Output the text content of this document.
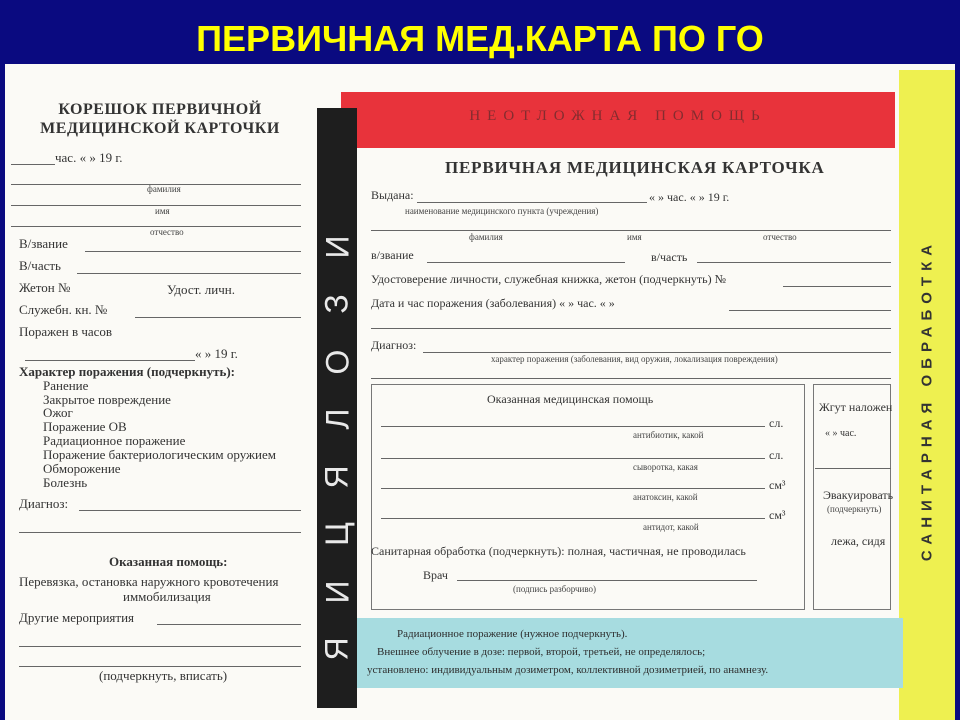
ПЕРВИЧНАЯ МЕД.КАРТА ПО ГО
КОРЕШОК ПЕРВИЧНОЙ
МЕДИЦИНСКОЙ КАРТОЧКИ
час. « » 19 г.
фамилия
имя
отчество
В/звание
В/часть
Жетон №	Удост. личн.
Служебн. кн. №
Поражен в часов
« » 19 г.
Характер поражения (подчеркнуть):
Ранение
Закрытое повреждение
Ожог
Поражение ОВ
Радиационное поражение
Поражение бактериологическим оружием
Обморожение
Болезнь
Диагноз:
Оказанная помощь:
Перевязка, остановка наружного кровотечения
иммобилизация
Другие мероприятия
(подчеркнуть, вписать)
ПЕРВИЧНАЯ МЕДИЦИНСКАЯ КАРТОЧКА
Выдана:	« » час. « » 19 г.
наименование медицинского пункта (учреждения)
фамилия	имя	отчество
в/звание	в/часть
Удостоверение личности, служебная книжка, жетон (подчеркнуть) №
Дата и час поражения (заболевания) « » час. « »
Диагноз:
характер поражения (заболевания, вид оружия, локализация повреждения)
Оказанная медицинская помощь
сл.
антибиотик, какой
сл.
сыворотка, какая
см³
анатоксин, какой
см³
антидот, какой
Санитарная обработка (подчеркнуть): полная, частичная, не проводилась
Врач
(подпись разборчиво)
Жгут наложен
« » час.
Эвакуировать
(подчеркнуть)
лежа, сидя
НЕОТЛОЖНАЯ ПОМОЩЬ
И
З
О
Л
Я
Ц
И
Я
САНИТАРНАЯ ОБРАБОТКА
Радиационное поражение (нужное подчеркнуть).
Внешнее облучение в дозе: первой, второй, третьей, не определялось;
установлено: индивидуальным дозиметром, коллективной дозиметрией, по анамнезу.
